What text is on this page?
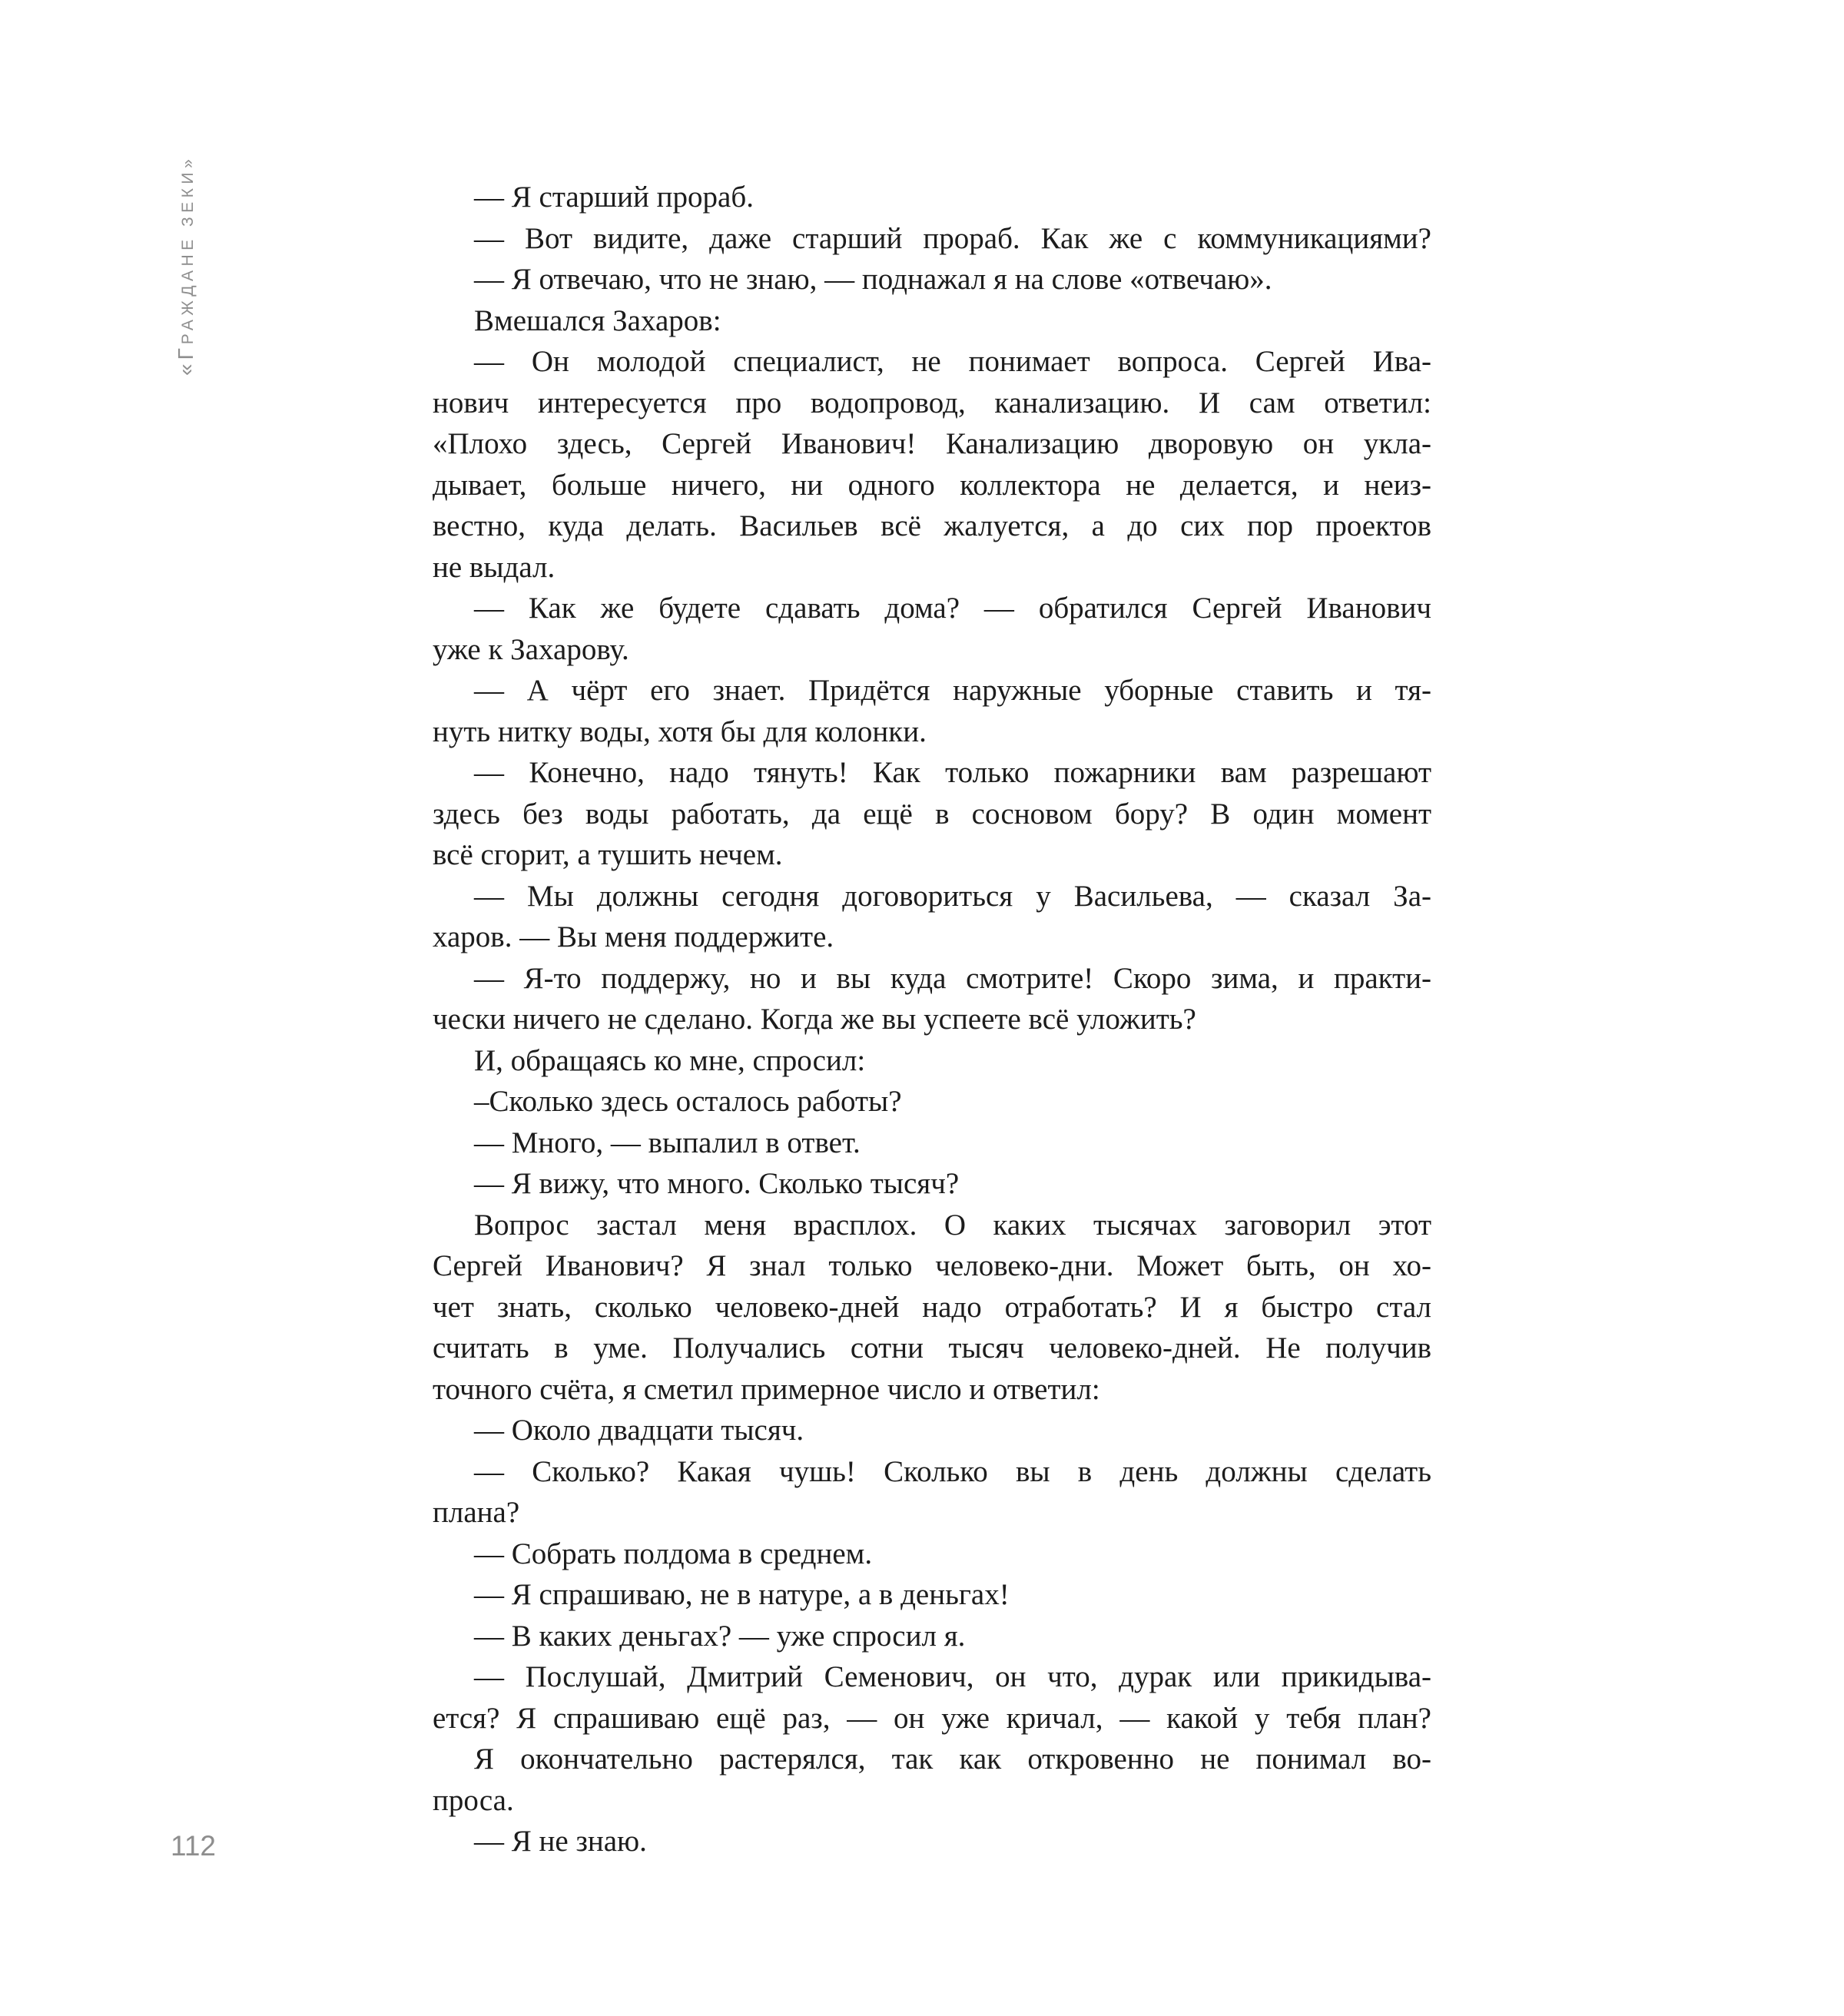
«ГРАЖДАНЕ ЗЕКИ»	— Я старший прораб.
— Вот видите, даже старший прораб. Как же с коммуникациями?
— Я отвечаю, что не знаю, — поднажал я на слове «отвечаю».
Вмешался Захаров:
— Он молодой специалист, не понимает вопроса. Сергей Ива-
нович интересуется про водопровод, канализацию. И сам ответил:
«Плохо здесь, Сергей Иванович! Канализацию дворовую он укла-
дывает, больше ничего, ни одного коллектора не делается, и неиз-
вестно, куда делать. Васильев всё жалуется, а до сих пор проектов
не выдал.
— Как же будете сдавать дома? — обратился Сергей Иванович
уже к Захарову.
— А чёрт его знает. Придётся наружные уборные ставить и тя-
нуть нитку воды, хотя бы для колонки.
— Конечно, надо тянуть! Как только пожарники вам разрешают
здесь без воды работать, да ещё в сосновом бору? В один момент
всё сгорит, а тушить нечем.
— Мы должны сегодня договориться у Васильева, — сказал За-
харов. — Вы меня поддержите.
— Я-то поддержу, но и вы куда смотрите! Скоро зима, и практи-
чески ничего не сделано. Когда же вы успеете всё уложить?
И, обращаясь ко мне, спросил:
–Сколько здесь осталось работы?
— Много, — выпалил в ответ.
— Я вижу, что много. Сколько тысяч?
Вопрос застал меня врасплох. О каких тысячах заговорил этот
Сергей Иванович? Я знал только человеко-дни. Может быть, он хо-
чет знать, сколько человеко-дней надо отработать? И я быстро стал
считать в уме. Получались сотни тысяч человеко-дней. Не получив
точного счёта, я сметил примерное число и ответил:
— Около двадцати тысяч.
— Сколько? Какая чушь! Сколько вы в день должны сделать
плана?
— Собрать полдома в среднем.
— Я спрашиваю, не в натуре, а в деньгах!
— В каких деньгах? — уже спросил я.
— Послушай, Дмитрий Семенович, он что, дурак или прикидыва-
ется? Я спрашиваю ещё раз, — он уже кричал, — какой у тебя план?
Я окончательно растерялся, так как откровенно не понимал во-
проса.
— Я не знаю.
112
